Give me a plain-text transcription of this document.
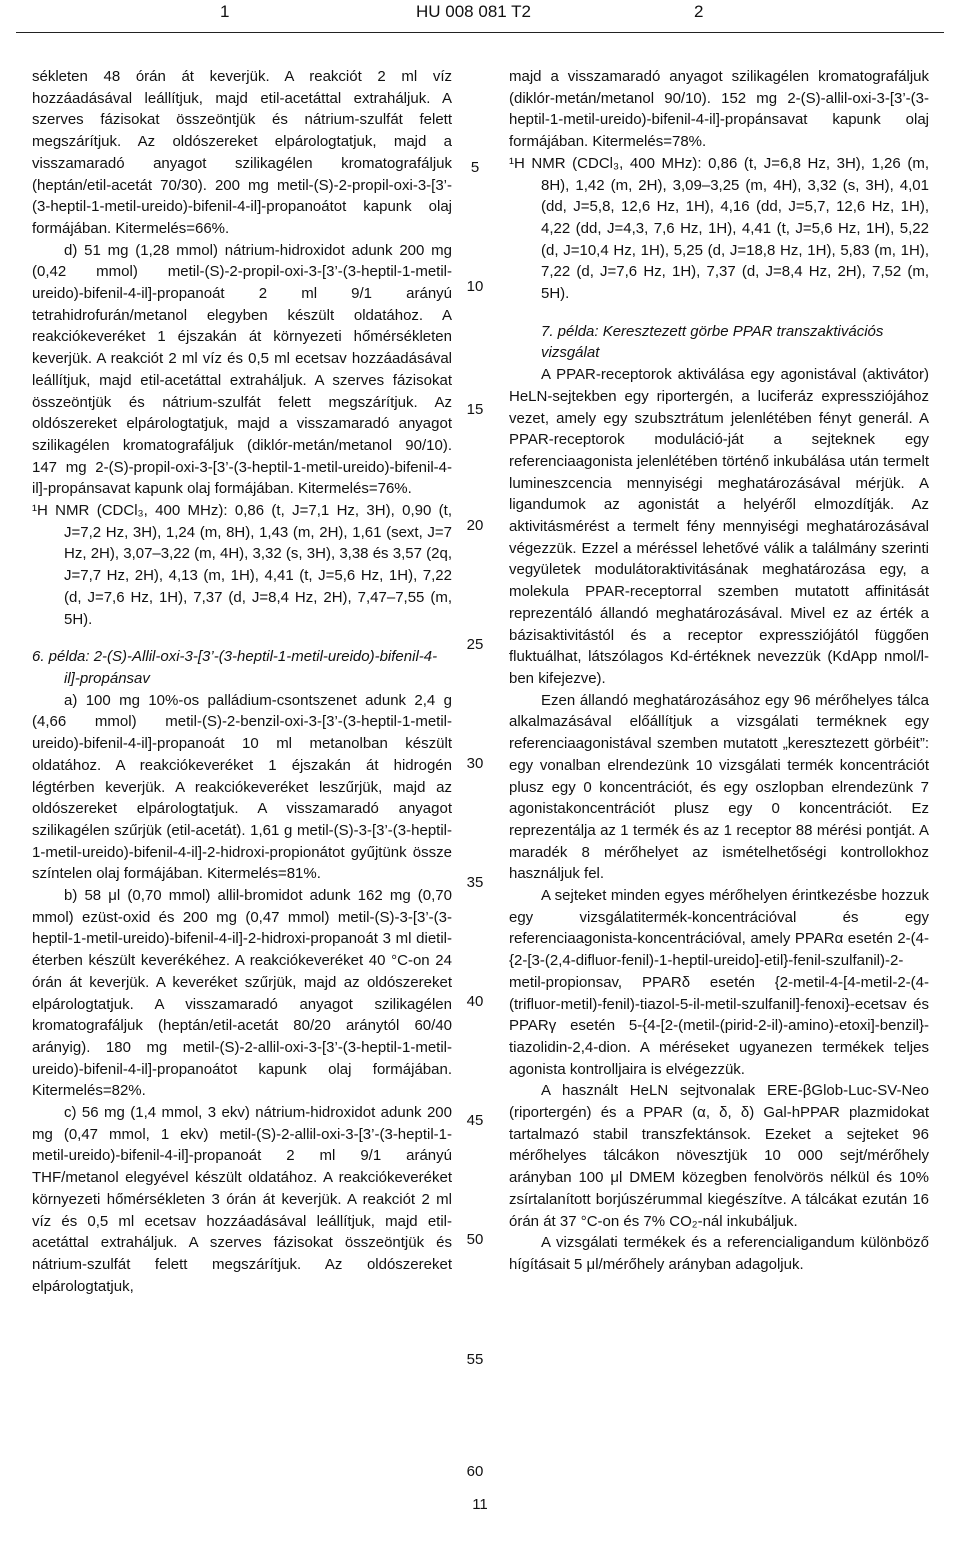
1	HU 008 081 T2	2

sékleten 48 órán át keverjük. A reakciót 2 ml víz hozzáadásával leállítjuk, majd etil-acetáttal extraháljuk. A szerves fázisokat összeöntjük és nátrium-szulfát felett megszárítjuk. Az oldószereket elpárologtatjuk, majd a visszamaradó anyagot szilikagélen kromatografáljuk (heptán/etil-acetát 70/30). 200 mg metil-(S)-2-propil-oxi-3-[3’-(3-heptil-1-metil-ureido)-bifenil-4-il]-propanoátot kapunk olaj formájában. Kitermelés=66%.

d) 51 mg (1,28 mmol) nátrium-hidroxidot adunk 200 mg (0,42 mmol) metil-(S)-2-propil-oxi-3-[3’-(3-heptil-1-metil-ureido)-bifenil-4-il]-propanoát 2 ml 9/1 arányú tetrahidrofurán/metanol elegyben készült oldatához. A reakciókeveréket 1 éjszakán át környezeti hőmérsékleten keverjük. A reakciót 2 ml víz és 0,5 ml ecetsav hozzáadásával leállítjuk, majd etil-acetáttal extraháljuk. A szerves fázisokat összeöntjük és nátrium-szulfát felett megszárítjuk. Az oldószereket elpárologtatjuk, majd a visszamaradó anyagot szilikagélen kromatografáljuk (diklór-metán/metanol 90/10). 147 mg 2-(S)-propil-oxi-3-[3’-(3-heptil-1-metil-ureido)-bifenil-4-il]-propánsavat kapunk olaj formájában. Kitermelés=76%.

¹H NMR (CDCl₃, 400 MHz): 0,86 (t, J=7,1 Hz, 3H), 0,90 (t, J=7,2 Hz, 3H), 1,24 (m, 8H), 1,43 (m, 2H), 1,61 (sext, J=7 Hz, 2H), 3,07–3,22 (m, 4H), 3,32 (s, 3H), 3,38 és 3,57 (2q, J=7,7 Hz, 2H), 4,13 (m, 1H), 4,41 (t, J=5,6 Hz, 1H), 7,22 (d, J=7,6 Hz, 1H), 7,37 (d, J=8,4 Hz, 2H), 7,47–7,55 (m, 5H).

6. példa: 2-(S)-Allil-oxi-3-[3’-(3-heptil-1-metil-ureido)-bifenil-4-il]-propánsav

a) 100 mg 10%-os palládium-csontszenet adunk 2,4 g (4,66 mmol) metil-(S)-2-benzil-oxi-3-[3’-(3-heptil-1-metil-ureido)-bifenil-4-il]-propanoát 10 ml metanolban készült oldatához. A reakciókeveréket 1 éjszakán át hidrogén légtérben keverjük. A reakciókeveréket leszűrjük, majd az oldószereket elpárologtatjuk. A visszamaradó anyagot szilikagélen szűrjük (etil-acetát). 1,61 g metil-(S)-3-[3’-(3-heptil-1-metil-ureido)-bifenil-4-il]-2-hidroxi-propionátot gyűjtünk össze színtelen olaj formájában. Kitermelés=81%.

b) 58 μl (0,70 mmol) allil-bromidot adunk 162 mg (0,70 mmol) ezüst-oxid és 200 mg (0,47 mmol) metil-(S)-3-[3’-(3-heptil-1-metil-ureido)-bifenil-4-il]-2-hidroxi-propanoát 3 ml dietil-éterben készült keverékéhez. A reakciókeveréket 40 °C-on 24 órán át keverjük. A keveréket szűrjük, majd az oldószereket elpárologtatjuk. A visszamaradó anyagot szilikagélen kromatografáljuk (heptán/etil-acetát 80/20 aránytól 60/40 arányig). 180 mg metil-(S)-2-allil-oxi-3-[3’-(3-heptil-1-metil-ureido)-bifenil-4-il]-propanoátot kapunk olaj formájában. Kitermelés=82%.

c) 56 mg (1,4 mmol, 3 ekv) nátrium-hidroxidot adunk 200 mg (0,47 mmol, 1 ekv) metil-(S)-2-allil-oxi-3-[3’-(3-heptil-1-metil-ureido)-bifenil-4-il]-propanoát 2 ml 9/1 arányú THF/metanol elegyével készült oldatához. A reakciókeveréket környezeti hőmérsékleten 3 órán át keverjük. A reakciót 2 ml víz és 0,5 ml ecetsav hozzáadásával leállítjuk, majd etil-acetáttal extraháljuk. A szerves fázisokat összeöntjük és nátrium-szulfát felett megszárítjuk. Az oldószereket elpárologtatjuk,

5
10
15
20
25
30
35
40
45
50
55
60

majd a visszamaradó anyagot szilikagélen kromatografáljuk (diklór-metán/metanol 90/10). 152 mg 2-(S)-allil-oxi-3-[3’-(3-heptil-1-metil-ureido)-bifenil-4-il]-propánsavat kapunk olaj formájában. Kitermelés=78%.

¹H NMR (CDCl₃, 400 MHz): 0,86 (t, J=6,8 Hz, 3H), 1,26 (m, 8H), 1,42 (m, 2H), 3,09–3,25 (m, 4H), 3,32 (s, 3H), 4,01 (dd, J=5,8, 12,6 Hz, 1H), 4,16 (dd, J=5,7, 12,6 Hz, 1H), 4,22 (dd, J=4,3, 7,6 Hz, 1H), 4,41 (t, J=5,6 Hz, 1H), 5,22 (d, J=10,4 Hz, 1H), 5,25 (d, J=18,8 Hz, 1H), 5,83 (m, 1H), 7,22 (d, J=7,6 Hz, 1H), 7,37 (d, J=8,4 Hz, 2H), 7,52 (m, 5H).

7. példa: Keresztezett görbe PPAR transzaktivációs vizsgálat

A PPAR-receptorok aktiválása egy agonistával (aktivátor) HeLN-sejtekben egy riportergén, a luciferáz expressziójához vezet, amely egy szubsztrátum jelenlétében fényt generál. A PPAR-receptorok moduláció-ját a sejteknek egy referenciaagonista jelenlétében történő inkubálása után termelt lumineszcencia mennyiségi meghatározásával mérjük. A ligandumok az agonistát a helyéről elmozdítják. Az aktivitásmérést a termelt fény mennyiségi meghatározásával végezzük. Ezzel a méréssel lehetővé válik a találmány szerinti vegyületek modulátoraktivitásának meghatározása egy, a molekula PPAR-receptorral szemben mutatott affinitását reprezentáló állandó meghatározásával. Mivel ez az érték a bázisaktivitástól és a receptor expressziójától függően fluktuálhat, látszólagos Kd-értéknek nevezzük (KdApp nmol/l-ben kifejezve).

Ezen állandó meghatározásához egy 96 mérőhelyes tálca alkalmazásával előállítjuk a vizsgálati terméknek egy referenciaagonistával szemben mutatott „keresztezett görbéit”: egy vonalban elrendezünk 10 vizsgálati termék koncentrációt plusz egy 0 koncentrációt, és egy oszlopban elrendezünk 7 agonistakoncentrációt plusz egy 0 koncentrációt. Ez reprezentálja az 1 termék és az 1 receptor 88 mérési pontját. A maradék 8 mérőhelyet az ismételhetőségi kontrollokhoz használjuk fel.

A sejteket minden egyes mérőhelyen érintkezésbe hozzuk egy vizsgálatitermék-koncentrációval és egy referenciaagonista-koncentrációval, amely PPARα esetén 2-(4-{2-[3-(2,4-difluor-fenil)-1-heptil-ureido]-etil}-fenil-szulfanil)-2-metil-propionsav, PPARδ esetén {2-metil-4-[4-metil-2-(4-(trifluor-metil)-fenil)-tiazol-5-il-metil-szulfanil]-fenoxi}-ecetsav és PPARγ esetén 5-{4-[2-(metil-(pirid-2-il)-amino)-etoxi]-benzil}-tiazolidin-2,4-dion. A méréseket ugyanezen termékek teljes agonista kontrolljaira is elvégezzük.

A használt HeLN sejtvonalak ERE-βGlob-Luc-SV-Neo (riportergén) és a PPAR (α, δ, δ) Gal-hPPAR plazmidokat tartalmazó stabil transzfektánsok. Ezeket a sejteket 96 mérőhelyes tálcákon növesztjük 10 000 sejt/mérőhely arányban 100 μl DMEM közegben fenolvörös nélkül és 10% zsírtalanított borjúszérummal kiegészítve. A tálcákat ezután 16 órán át 37 °C-on és 7% CO₂-nál inkubáljuk.

A vizsgálati termékek és a referencialigandum különböző hígításait 5 μl/mérőhely arányban adagoljuk.

11
